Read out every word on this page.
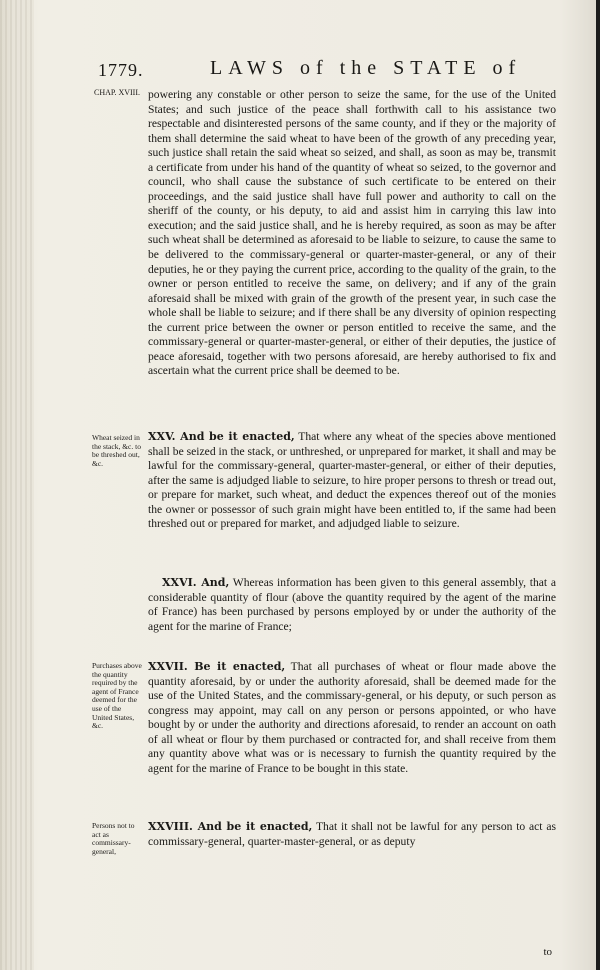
1779.	LAWS of the STATE of
CHAP. XVIII.
Wheat seized in the stack, &c. to be threshed out, &c.
Purchases above the quantity required by the agent of France deemed for the use of the United States, &c.
Persons not to act as commissary-general,

powering any constable or other person to seize the same, for the use of the United States; and such justice of the peace shall forthwith call to his assistance two respectable and disinterested persons of the same county, and if they or the majority of them shall determine the said wheat to have been of the growth of any preceding year, such justice shall retain the said wheat so seized, and shall, as soon as may be, transmit a certificate from under his hand of the quantity of wheat so seized, to the governor and council, who shall cause the substance of such certificate to be entered on their proceedings, and the said justice shall have full power and authority to call on the sheriff of the county, or his deputy, to aid and assist him in carrying this law into execution; and the said justice shall, and he is hereby required, as soon as may be after such wheat shall be determined as aforesaid to be liable to seizure, to cause the same to be delivered to the commissary-general or quarter-master-general, or any of their deputies, he or they paying the current price, according to the quality of the grain, to the owner or person entitled to receive the same, on delivery; and if any of the grain aforesaid shall be mixed with grain of the growth of the present year, in such case the whole shall be liable to seizure; and if there shall be any diversity of opinion respecting the current price between the owner or person entitled to receive the same, and the commissary-general or quarter-master-general, or either of their deputies, the justice of peace aforesaid, together with two persons aforesaid, are hereby authorised to fix and ascertain what the current price shall be deemed to be.

XXV. And be it enacted, That where any wheat of the species above mentioned shall be seized in the stack, or unthreshed, or unprepared for market, it shall and may be lawful for the commissary-general, quarter-master-general, or either of their deputies, after the same is adjudged liable to seizure, to hire proper persons to thresh or tread out, or prepare for market, such wheat, and deduct the expences thereof out of the monies the owner or possessor of such grain might have been entitled to, if the same had been threshed out or prepared for market, and adjudged liable to seizure.

XXVI. And, Whereas information has been given to this general assembly, that a considerable quantity of flour (above the quantity required by the agent of the marine of France) has been purchased by persons employed by or under the authority of the agent for the marine of France;

XXVII. Be it enacted, That all purchases of wheat or flour made above the quantity aforesaid, by or under the authority aforesaid, shall be deemed made for the use of the United States, and the commissary-general, or his deputy, or such person as congress may appoint, may call on any person or persons appointed, or who have bought by or under the authority and directions aforesaid, to render an account on oath of all wheat or flour by them purchased or contracted for, and shall receive from them any quantity above what was or is necessary to furnish the quantity required by the agent for the marine of France to be bought in this state.

XXVIII. And be it enacted, That it shall not be lawful for any person to act as commissary-general, quarter-master-general, or as deputy

to
